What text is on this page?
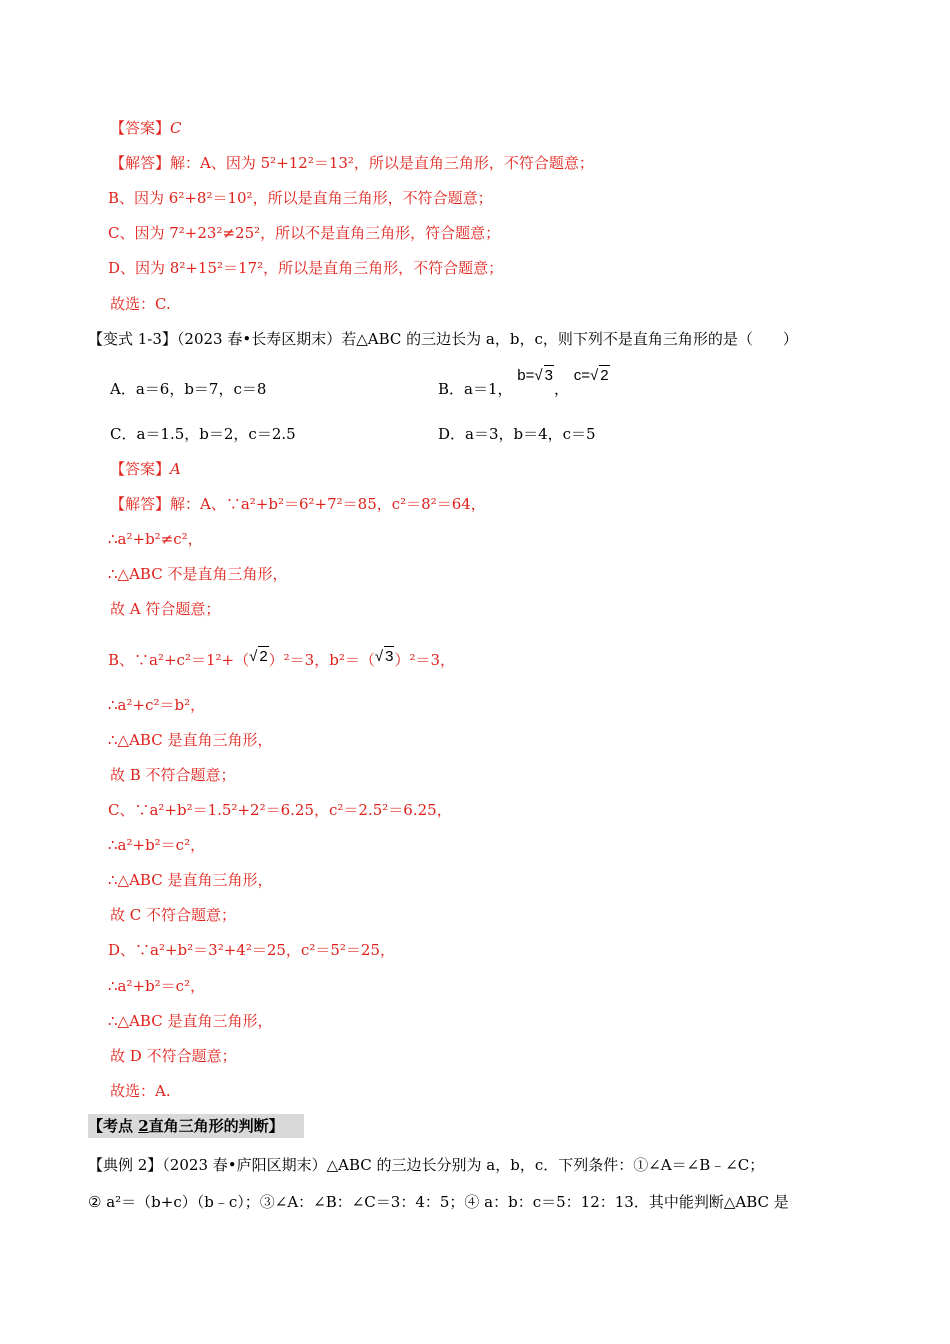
【答案】C
【解答】解：A、因为 5²+12²＝13²，所以是直角三角形，不符合题意；
B、因为 6²+8²＝10²，所以是直角三角形，不符合题意；
C、因为 7²+23²≠25²，所以不是直角三角形，符合题意；
D、因为 8²+15²＝17²，所以是直角三角形，不符合题意；
故选：C.
【变式 1-3】（2023 春•长寿区期末）若△ABC 的三边长为 a，b，c，则下列不是直角三角形的是（　　）
A．a＝6，b＝7，c＝8	B．a＝1， b=√ 3， c=√ 2
C．a＝1.5，b＝2，c＝2.5	D．a＝3，b＝4，c＝5
【答案】A
【解答】解：A、∵a²+b²＝6²+7²＝85，c²＝8²＝64，
∴a²+b²≠c²，
∴△ABC 不是直角三角形，
故 A 符合题意；
B、∵a²+c²＝1²+（√ 2）²＝3，b²＝（√ 3）²＝3，
∴a²+c²＝b²，
∴△ABC 是直角三角形，
故 B 不符合题意；
C、∵a²+b²＝1.5²+2²＝6.25，c²＝2.5²＝6.25，
∴a²+b²＝c²，
∴△ABC 是直角三角形，
故 C 不符合题意；
D、∵a²+b²＝3²+4²＝25，c²＝5²＝25，
∴a²+b²＝c²，
∴△ABC 是直角三角形，
故 D 不符合题意；
故选：A.
【考点 2直角三角形的判断】
【典例 2】（2023 春•庐阳区期末）△ABC 的三边长分别为 a，b，c．下列条件：①∠A＝∠B﹣∠C；
② a²＝（b+c）（b﹣c）；③∠A：∠B：∠C＝3：4：5；④ a：b：c＝5：12：13．其中能判断△ABC 是
